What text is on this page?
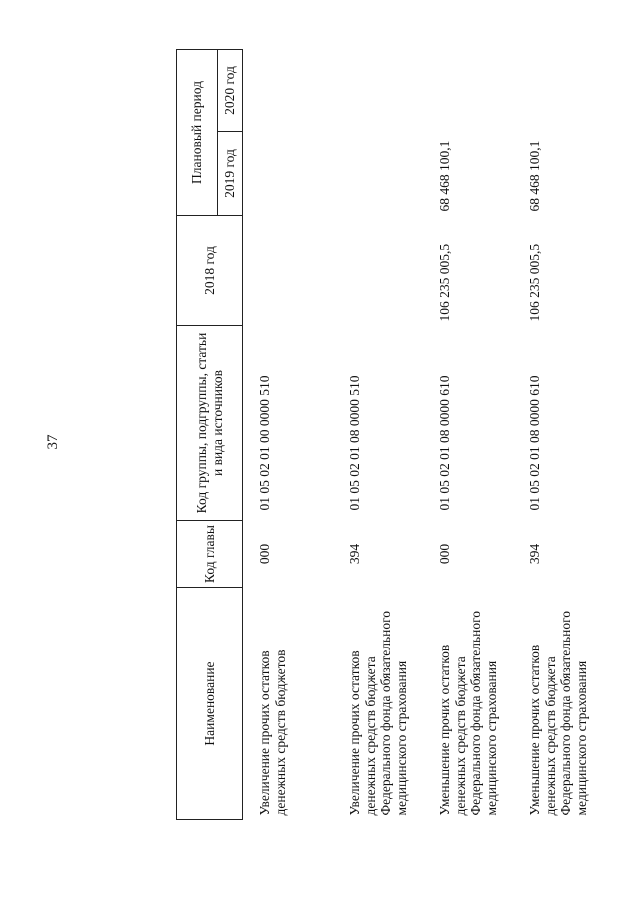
37
Наименование	Код главы	Код группы, подгруппы, статьи и вида источников	2018 год	Плановый период	
				2019 год	2020 год
Увеличение прочих остатков денежных средств бюджетов	000	01 05 02 01 00 0000 510			
Увеличение прочих остатков денежных средств бюджета Федерального фонда обязательного медицинского страхования	394	01 05 02 01 08 0000 510			
Уменьшение прочих остатков денежных средств бюджета Федерального фонда обязательного медицинского страхования	000	01 05 02 01 08 0000 610	106 235 005,5	68 468 100,1	
Уменьшение прочих остатков денежных средств бюджета Федерального фонда обязательного медицинского страхования	394	01 05 02 01 08 0000 610	106 235 005,5	68 468 100,1	
